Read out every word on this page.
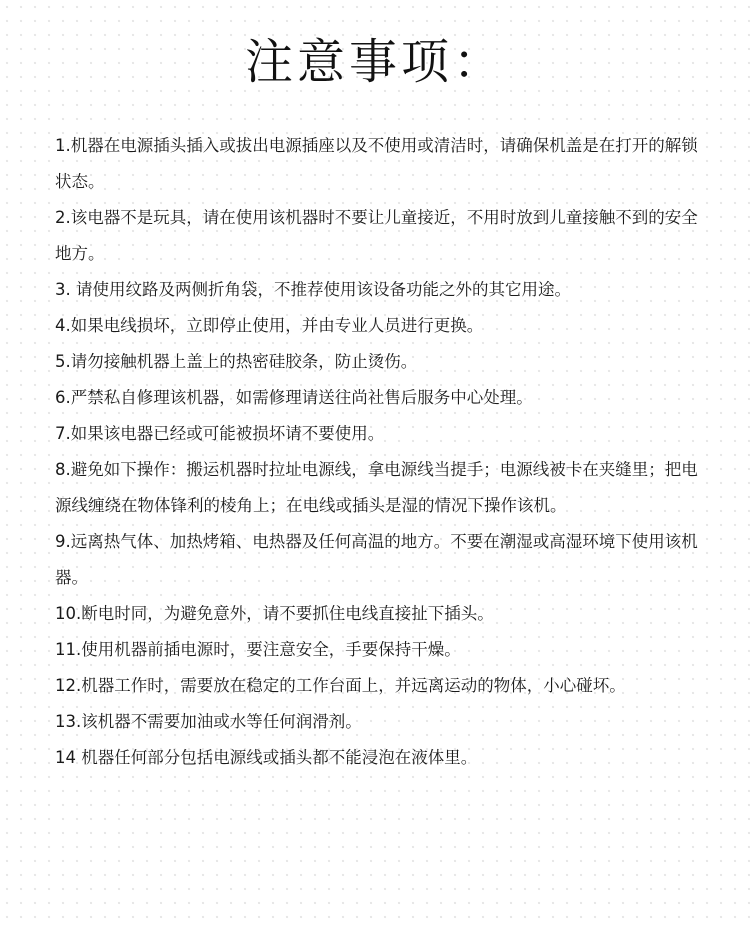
注意事项：
1.机器在电源插头插入或拔出电源插座以及不使用或清洁时，请确保机盖是在打开的解锁状态。
2.该电器不是玩具，请在使用该机器时不要让儿童接近，不用时放到儿童接触不到的安全地方。
3. 请使用纹路及两侧折角袋，不推荐使用该设备功能之外的其它用途。
4.如果电线损坏，立即停止使用，并由专业人员进行更换。
5.请勿接触机器上盖上的热密硅胶条，防止烫伤。
6.严禁私自修理该机器，如需修理请送往尚社售后服务中心处理。
7.如果该电器已经或可能被损坏请不要使用。
8.避免如下操作：搬运机器时拉址电源线，拿电源线当提手；电源线被卡在夹缝里；把电源线缠绕在物体锋利的棱角上；在电线或插头是湿的情况下操作该机。
9.远离热气体、加热烤箱、电热器及任何高温的地方。不要在潮湿或高湿环境下使用该机器。
10.断电时同，为避免意外，请不要抓住电线直接扯下插头。
11.使用机器前插电源时，要注意安全，手要保持干燥。
12.机器工作时，需要放在稳定的工作台面上，并远离运动的物体，小心碰坏。
13.该机器不需要加油或水等任何润滑剂。
14 机器任何部分包括电源线或插头都不能浸泡在液体里。
